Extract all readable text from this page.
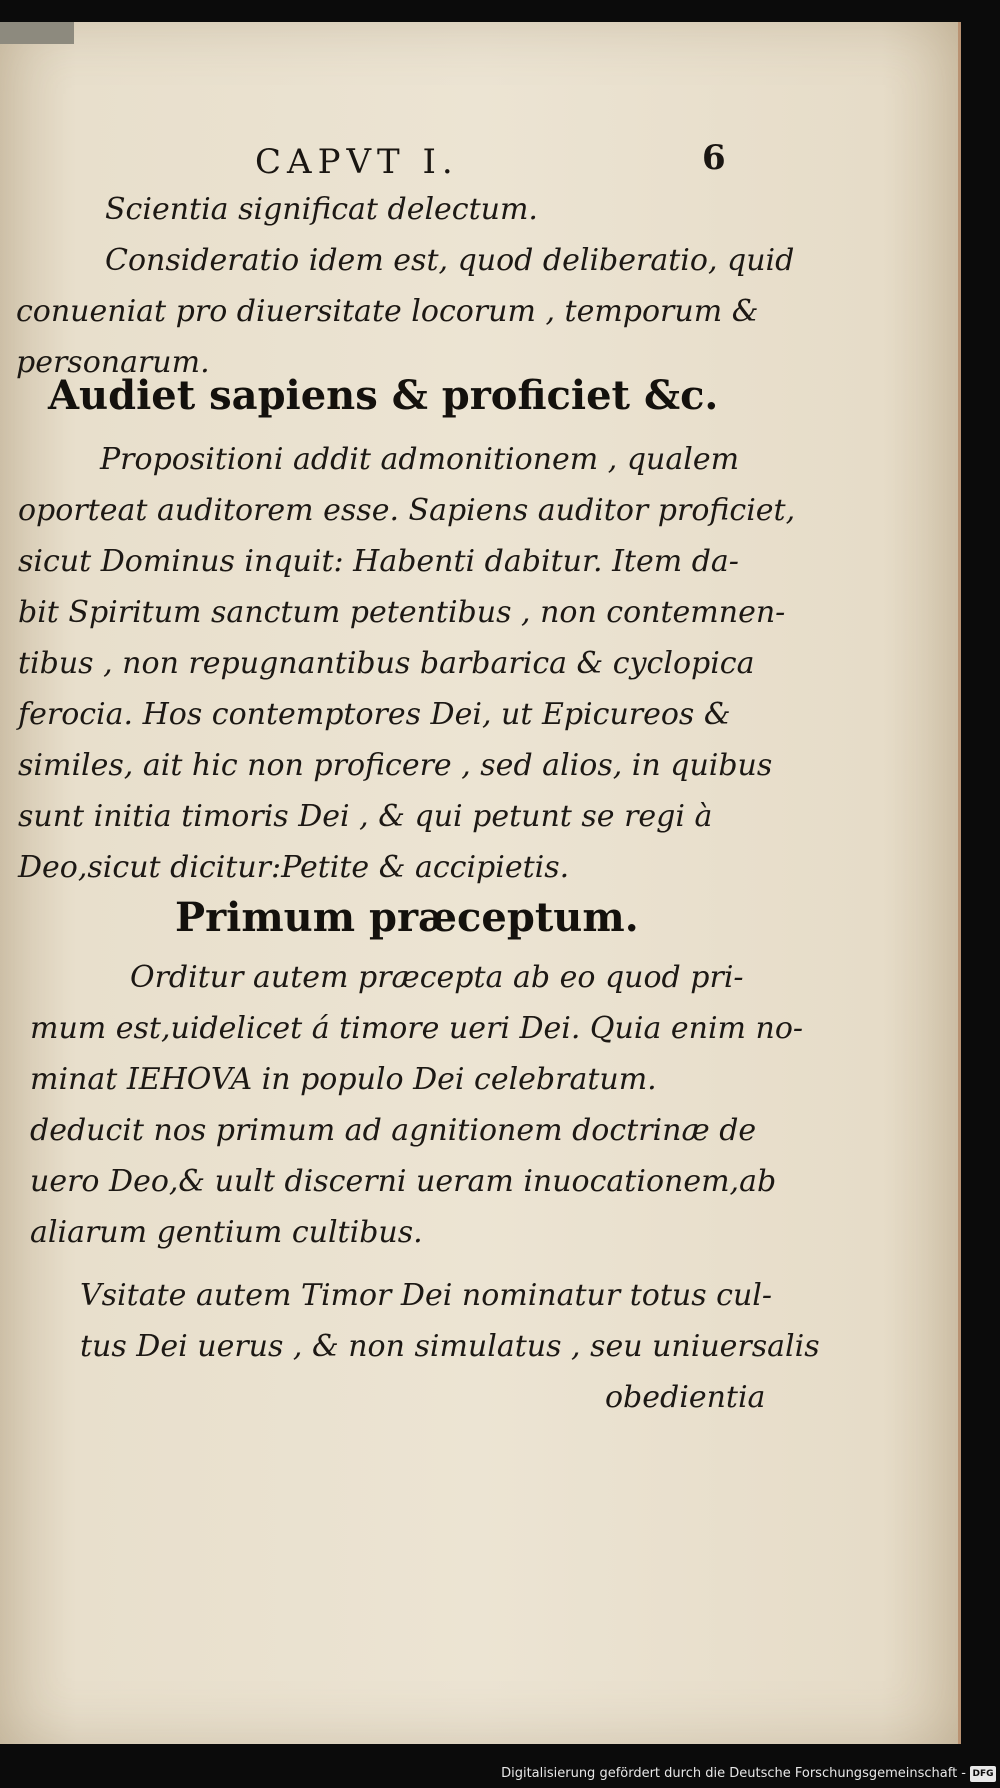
CAPVT I.	6
Scientia significat delectum.
Consideratio idem est, quod deliberatio, quid
conueniat pro diuersitate locorum , temporum &
personarum.
Audiet sapiens & proficiet &c.
Propositioni addit admonitionem , qualem
oporteat auditorem esse. Sapiens auditor proficiet,
sicut Dominus inquit: Habenti dabitur. Item da-
bit Spiritum sanctum petentibus , non contemnen-
tibus , non repugnantibus barbarica & cyclopica
ferocia. Hos contemptores Dei, ut Epicureos &
similes, ait hic non proficere , sed alios, in quibus
sunt initia timoris Dei , & qui petunt se regi à
Deo,sicut dicitur:Petite & accipietis.
Primum præceptum.
Orditur autem præcepta ab eo quod pri-
mum est,uidelicet á timore ueri Dei. Quia enim no-
minat IEHOVA in populo Dei celebratum.
deducit nos primum ad agnitionem doctrinæ de
uero Deo,& uult discerni ueram inuocationem,ab
aliarum gentium cultibus.
Vsitate autem Timor Dei nominatur totus cul-
tus Dei uerus , & non simulatus , seu uniuersalis
obedientia
Digitalisierung gefördert durch die Deutsche Forschungsgemeinschaft - DFG
